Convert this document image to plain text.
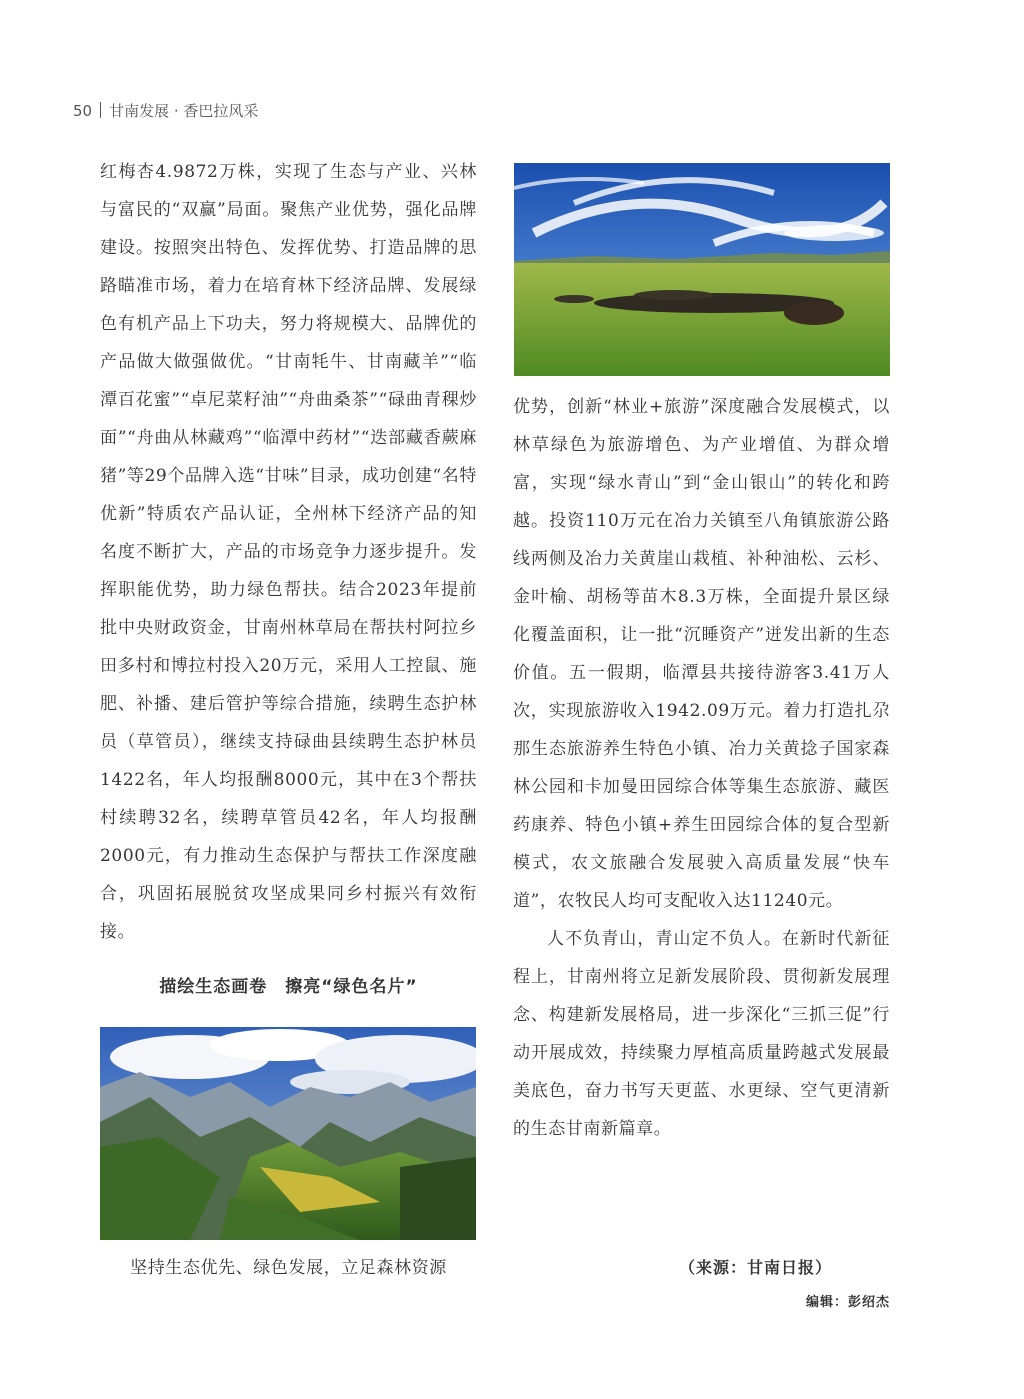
50 甘南发展 · 香巴拉风采

红梅杏4.9872万株，实现了生态与产业、兴林与富民的“双赢”局面。聚焦产业优势，强化品牌建设。按照突出特色、发挥优势、打造品牌的思路瞄准市场，着力在培育林下经济品牌、发展绿色有机产品上下功夫，努力将规模大、品牌优的产品做大做强做优。“甘南牦牛、甘南藏羊”“临潭百花蜜”“卓尼菜籽油”“舟曲桑茶”“碌曲青稞炒面”“舟曲从林藏鸡”“临潭中药材”“迭部藏香蕨麻猪”等29个品牌入选“甘味”目录，成功创建“名特优新”特质农产品认证，全州林下经济产品的知名度不断扩大，产品的市场竞争力逐步提升。发挥职能优势，助力绿色帮扶。结合2023年提前批中央财政资金，甘南州林草局在帮扶村阿拉乡田多村和博拉村投入20万元，采用人工控鼠、施肥、补播、建后管护等综合措施，续聘生态护林员（草管员），继续支持碌曲县续聘生态护林员1422名，年人均报酬8000元，其中在3个帮扶村续聘32名，续聘草管员42名，年人均报酬2000元，有力推动生态保护与帮扶工作深度融合，巩固拓展脱贫攻坚成果同乡村振兴有效衔接。

描绘生态画卷　擦亮“绿色名片”
坚持生态优先、绿色发展，立足森林资源

优势，创新“林业+旅游”深度融合发展模式，以林草绿色为旅游增色、为产业增值、为群众增富，实现“绿水青山”到“金山银山”的转化和跨越。投资110万元在冶力关镇至八角镇旅游公路线两侧及冶力关黄崖山栽植、补种油松、云杉、金叶榆、胡杨等苗木8.3万株，全面提升景区绿化覆盖面积，让一批“沉睡资产”迸发出新的生态价值。五一假期，临潭县共接待游客3.41万人次，实现旅游收入1942.09万元。着力打造扎尕那生态旅游养生特色小镇、冶力关黄捻子国家森林公园和卡加曼田园综合体等集生态旅游、藏医药康养、特色小镇+养生田园综合体的复合型新模式，农文旅融合发展驶入高质量发展“快车道”，农牧民人均可支配收入达11240元。

人不负青山，青山定不负人。在新时代新征程上，甘南州将立足新发展阶段、贯彻新发展理念、构建新发展格局，进一步深化“三抓三促”行动开展成效，持续聚力厚植高质量跨越式发展最美底色，奋力书写天更蓝、水更绿、空气更清新的生态甘南新篇章。

（来源：甘南日报）
编辑：彭绍杰
